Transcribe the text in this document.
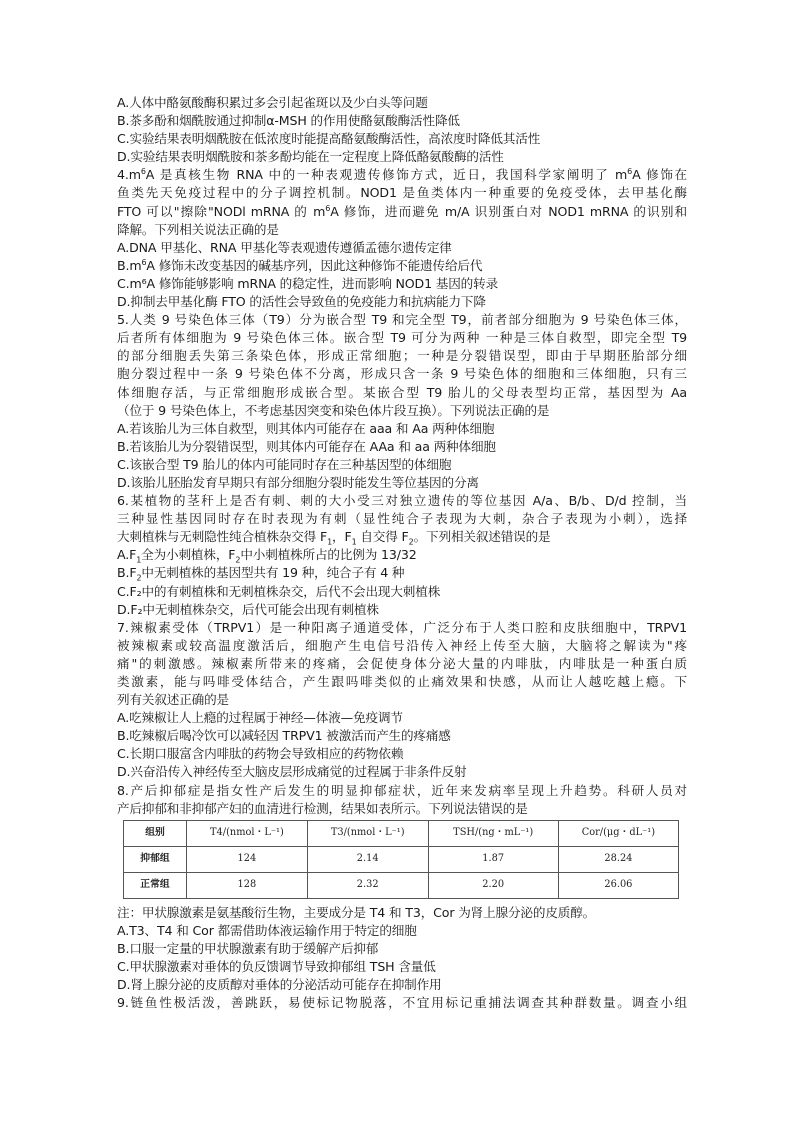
A.人体中酪氨酸酶积累过多会引起雀斑以及少白头等问题
B.茶多酚和烟酰胺通过抑制α-MSH 的作用使酪氨酸酶活性降低
C.实验结果表明烟酰胺在低浓度时能提高酪氨酸酶活性，高浓度时降低其活性
D.实验结果表明烟酰胺和茶多酚均能在一定程度上降低酪氨酸酶的活性
$4.m^6A$ 是真核生物 RNA 中的一种表观遗传修饰方式，近日，我国科学家阐明了 $m^6A$ 修饰在
鱼类先天免疫过程中的分子调控机制。NOD1 是鱼类体内一种重要的免疫受体，去甲基化酶
FTO 可以"擦除"NODl mRNA 的 $m^6A$ 修饰，进而避免 m/A 识别蛋白对 NOD1 mRNA 的识别和
降解。下列相关说法正确的是
A.DNA 甲基化、RNA 甲基化等表观遗传遵循孟德尔遗传定律
$B.m^6A$ 修饰未改变基因的碱基序列，因此这种修饰不能遗传给后代
C.m⁶A 修饰能够影响 mRNA 的稳定性，进而影响 NOD1 基因的转录
D.抑制去甲基化酶 FTO 的活性会导致鱼的免疫能力和抗病能力下降
5.人类 9 号染色体三体（T9）分为嵌合型 T9 和完全型 T9，前者部分细胞为 9 号染色体三体，
后者所有体细胞为 9 号染色体三体。嵌合型 T9 可分为两种 一种是三体自救型，即完全型 T9
的部分细胞丢失第三条染色体，形成正常细胞；一种是分裂错误型，即由于早期胚胎部分细
胞分裂过程中一条 9 号染色体不分离，形成只含一条 9 号染色体的细胞和三体细胞，只有三
体细胞存活，与正常细胞形成嵌合型。某嵌合型 T9 胎儿的父母表型均正常，基因型为 Aa
（位于 9 号染色体上，不考虑基因突变和染色体片段互换）。下列说法正确的是
A.若该胎儿为三体自救型，则其体内可能存在 aaa 和 Aa 两种体细胞
B.若该胎儿为分裂错误型，则其体内可能存在 AAa 和 aa 两种体细胞
C.该嵌合型 T9 胎儿的体内可能同时存在三种基因型的体细胞
D.该胎儿胚胎发育早期只有部分细胞分裂时能发生等位基因的分离
6.某植物的茎秆上是否有刺、刺的大小受三对独立遗传的等位基因 A/a、B/b、D/d 控制，当
三种显性基因同时存在时表现为有刺（显性纯合子表现为大刺，杂合子表现为小刺），选择
大刺植株与无刺隐性纯合植株杂交得 $F_1$，$F_1$ 自交得 $F_2$。下列相关叙述错误的是
$A.F_1$全为小刺植株，$F_2$中小刺植株所占的比例为 13/32
$B.F_2$中无刺植株的基因型共有 19 种，纯合子有 4 种
C.F₂中的有刺植株和无刺植株杂交，后代不会出现大刺植株
D.F₂中无刺植株杂交，后代可能会出现有刺植株
7.辣椒素受体（TRPV1）是一种阳离子通道受体，广泛分布于人类口腔和皮肤细胞中，TRPV1
被辣椒素或较高温度激活后，细胞产生电信号沿传入神经上传至大脑，大脑将之解读为"疼
痛"的刺激感。辣椒素所带来的疼痛，会促使身体分泌大量的内啡肽，内啡肽是一种蛋白质
类激素，能与吗啡受体结合，产生跟吗啡类似的止痛效果和快感，从而让人越吃越上瘾。下
列有关叙述正确的是
A.吃辣椒让人上瘾的过程属于神经—体液—免疫调节
B.吃辣椒后喝冷饮可以减轻因 TRPV1 被激活而产生的疼痛感
C.长期口服富含内啡肽的药物会导致相应的药物依赖
D.兴奋沿传入神经传至大脑皮层形成痛觉的过程属于非条件反射
8.产后抑郁症是指女性产后发生的明显抑郁症状，近年来发病率呈现上升趋势。科研人员对
产后抑郁和非抑郁产妇的血清进行检测，结果如表所示。下列说法错误的是
组别	T4/(nmol・L⁻¹)	T3/(nmol・L⁻¹)	TSH/(ng・mL⁻¹)	Cor/(μg・dL⁻¹)
抑郁组	124	2.14	1.87	28.24
正常组	128	2.32	2.20	26.06
注：甲状腺激素是氨基酸衍生物，主要成分是 T4 和 T3，Cor 为肾上腺分泌的皮质醇。
A.T3、T4 和 Cor 都需借助体液运输作用于特定的细胞
B.口服一定量的甲状腺激素有助于缓解产后抑郁
C.甲状腺激素对垂体的负反馈调节导致抑郁组 TSH 含量低
D.肾上腺分泌的皮质醇对垂体的分泌活动可能存在抑制作用
9.链鱼性极活泼，善跳跃，易使标记物脱落，不宜用标记重捕法调查其种群数量。调查小组
